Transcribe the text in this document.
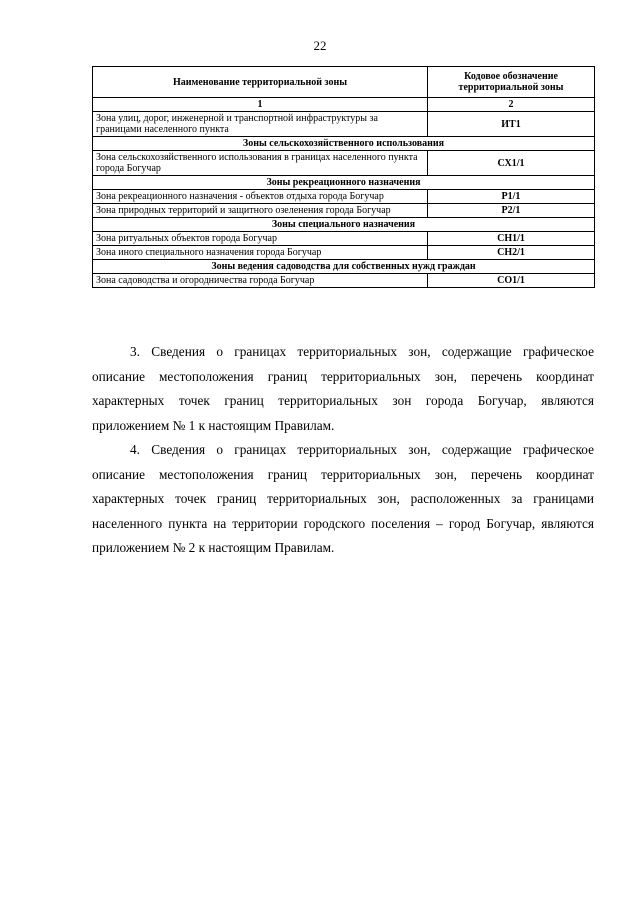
22
Наименование территориальной зоны	Кодовое обозначение территориальной зоны
1	2
Зона улиц, дорог, инженерной и транспортной инфраструктуры за границами населенного пункта	ИТ1
Зоны сельскохозяйственного использования	
Зона сельскохозяйственного использования в границах населенного пункта города Богучар	СХ1/1
Зоны рекреационного назначения	
Зона рекреационного назначения - объектов отдыха города Богучар	Р1/1
Зона природных территорий и защитного озеленения города Богучар	Р2/1
Зоны специального назначения	
Зона ритуальных объектов города Богучар	СН1/1
Зона иного специального назначения города Богучар	СН2/1
Зоны ведения садоводства для собственных нужд граждан	
Зона садоводства и огородничества города Богучар	СО1/1
3. Сведения о границах территориальных зон, содержащие графическое описание местоположения границ территориальных зон, перечень координат характерных точек границ территориальных зон города Богучар, являются приложением № 1 к настоящим Правилам.
4. Сведения о границах территориальных зон, содержащие графическое описание местоположения границ территориальных зон, перечень координат характерных точек границ территориальных зон, расположенных за границами населенного пункта на территории городского поселения – город Богучар, являются приложением № 2 к настоящим Правилам.
